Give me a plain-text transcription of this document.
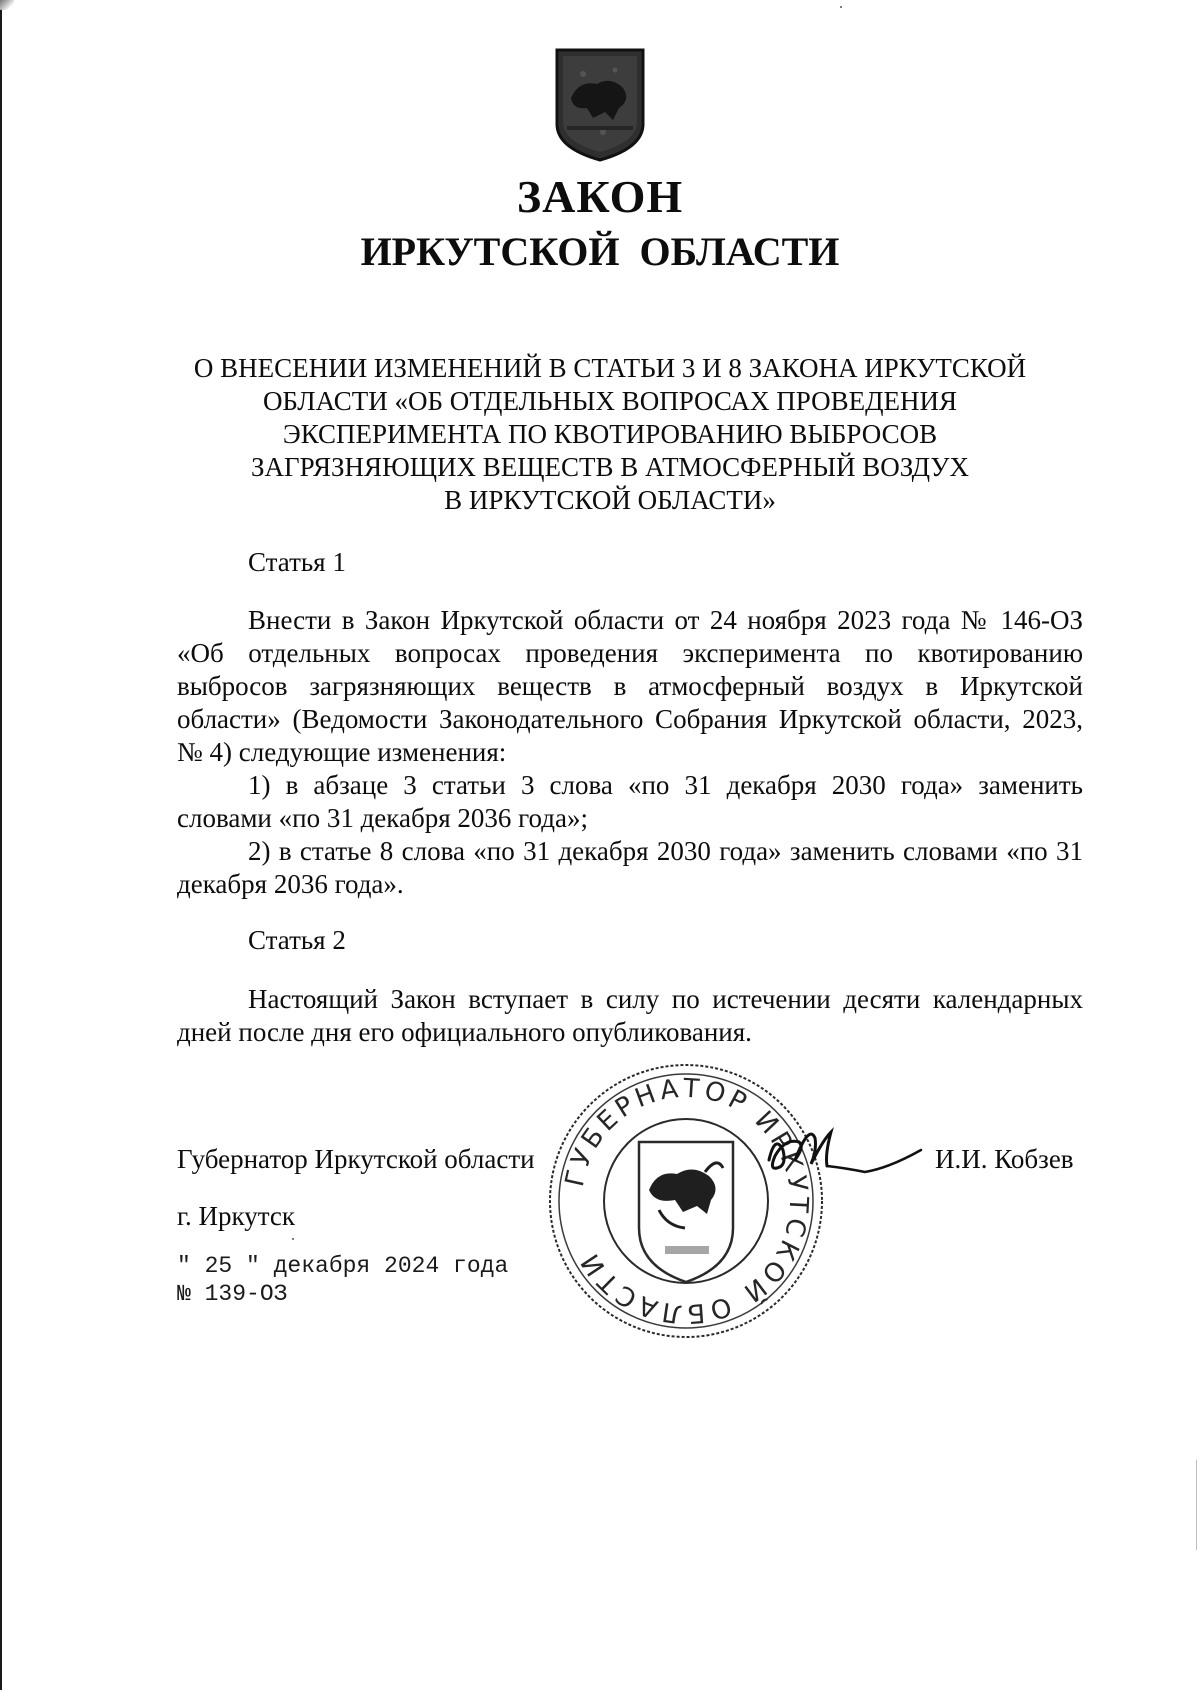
ЗАКОН
ИРКУТСКОЙ ОБЛАСТИ
О ВНЕСЕНИИ ИЗМЕНЕНИЙ В СТАТЬИ 3 И 8 ЗАКОНА ИРКУТСКОЙ
ОБЛАСТИ «ОБ ОТДЕЛЬНЫХ ВОПРОСАХ ПРОВЕДЕНИЯ
ЭКСПЕРИМЕНТА ПО КВОТИРОВАНИЮ ВЫБРОСОВ
ЗАГРЯЗНЯЮЩИХ ВЕЩЕСТВ В АТМОСФЕРНЫЙ ВОЗДУХ
В ИРКУТСКОЙ ОБЛАСТИ»

Статья 1

Внести в Закон Иркутской области от 24 ноября 2023 года № 146-ОЗ «Об отдельных вопросах проведения эксперимента по квотированию выбросов загрязняющих веществ в атмосферный воздух в Иркутской области» (Ведомости Законодательного Собрания Иркутской области, 2023, № 4) следующие изменения:

1) в абзаце 3 статьи 3 слова «по 31 декабря 2030 года» заменить словами «по 31 декабря 2036 года»;

2) в статье 8 слова «по 31 декабря 2030 года» заменить словами «по 31 декабря 2036 года».

Статья 2

Настоящий Закон вступает в силу по истечении десяти календарных дней после дня его официального опубликования.

Губернатор Иркутской области	И.И. Кобзев

г. Иркутск

" 25 " декабря 2024 года

№ 139-ОЗ

ГУБЕРНАТОР ИРКУТСКОЙ ОБЛАСТИ
